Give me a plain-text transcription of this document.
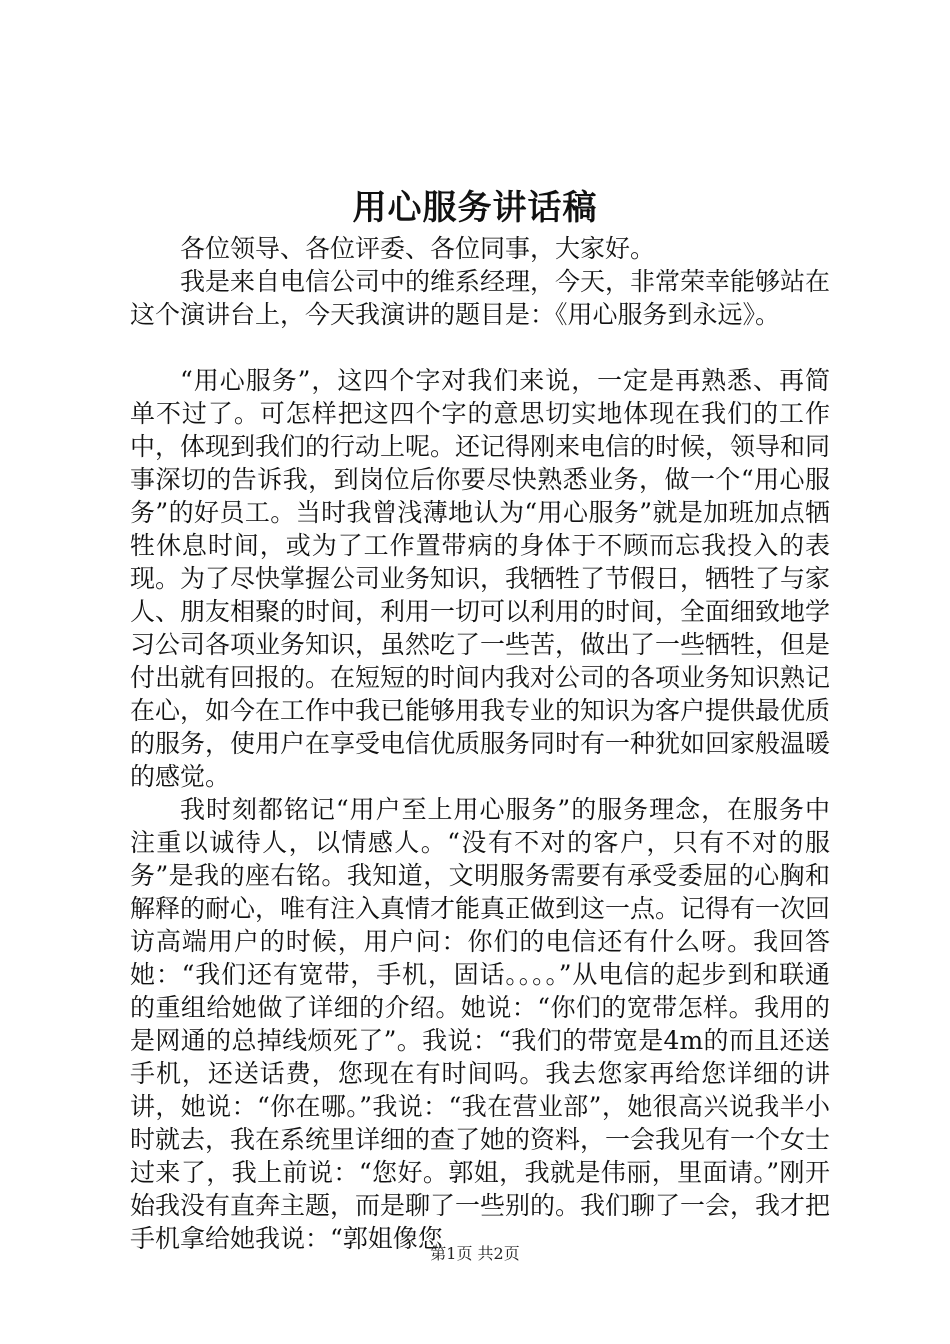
用心服务讲话稿

各位领导、各位评委、各位同事，大家好。

我是来自电信公司中的维系经理，今天，非常荣幸能够站在这个演讲台上，今天我演讲的题目是：《用心服务到永远》。

“用心服务”，这四个字对我们来说，一定是再熟悉、再简单不过了。可怎样把这四个字的意思切实地体现在我们的工作中，体现到我们的行动上呢。还记得刚来电信的时候，领导和同事深切的告诉我，到岗位后你要尽快熟悉业务，做一个“用心服务”的好员工。当时我曾浅薄地认为“用心服务”就是加班加点牺牲休息时间，或为了工作置带病的身体于不顾而忘我投入的表现。为了尽快掌握公司业务知识，我牺牲了节假日，牺牲了与家人、朋友相聚的时间，利用一切可以利用的时间，全面细致地学习公司各项业务知识，虽然吃了一些苦，做出了一些牺牲，但是付出就有回报的。在短短的时间内我对公司的各项业务知识熟记在心，如今在工作中我已能够用我专业的知识为客户提供最优质的服务，使用户在享受电信优质服务同时有一种犹如回家般温暖的感觉。

我时刻都铭记“用户至上用心服务”的服务理念，在服务中注重以诚待人，以情感人。“没有不对的客户，只有不对的服务”是我的座右铭。我知道，文明服务需要有承受委屈的心胸和解释的耐心，唯有注入真情才能真正做到这一点。记得有一次回访高端用户的时候，用户问：你们的电信还有什么呀。我回答她：“我们还有宽带，手机，固话。。。。”从电信的起步到和联通的重组给她做了详细的介绍。她说：“你们的宽带怎样。我用的是网通的总掉线烦死了”。我说：“我们的带宽是4m的而且还送手机，还送话费，您现在有时间吗。我去您家再给您详细的讲讲，她说：“你在哪。”我说：“我在营业部”，她很高兴说我半小时就去，我在系统里详细的查了她的资料，一会我见有一个女士过来了，我上前说：“您好。郭姐，我就是伟丽，里面请。”刚开始我没有直奔主题，而是聊了一些别的。我们聊了一会，我才把手机拿给她我说：“郭姐像您

第1页 共2页
